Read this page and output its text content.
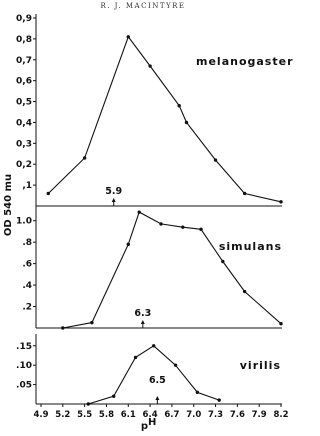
R. J. MACINTYRE
,1
0,2
0,3
0,4
0,5
0,6
0,7
0,8
0,9
melanogaster
5.9
.2
.4
.6
.8
1.0
simulans
6.3
.05
.10
.15
virilis
6.5
4.9 5.2 5.5 5.8 6.1 6.4 6.7 7.0 7.3 7.6 7.9 8.2
OD 540 mu
p H
